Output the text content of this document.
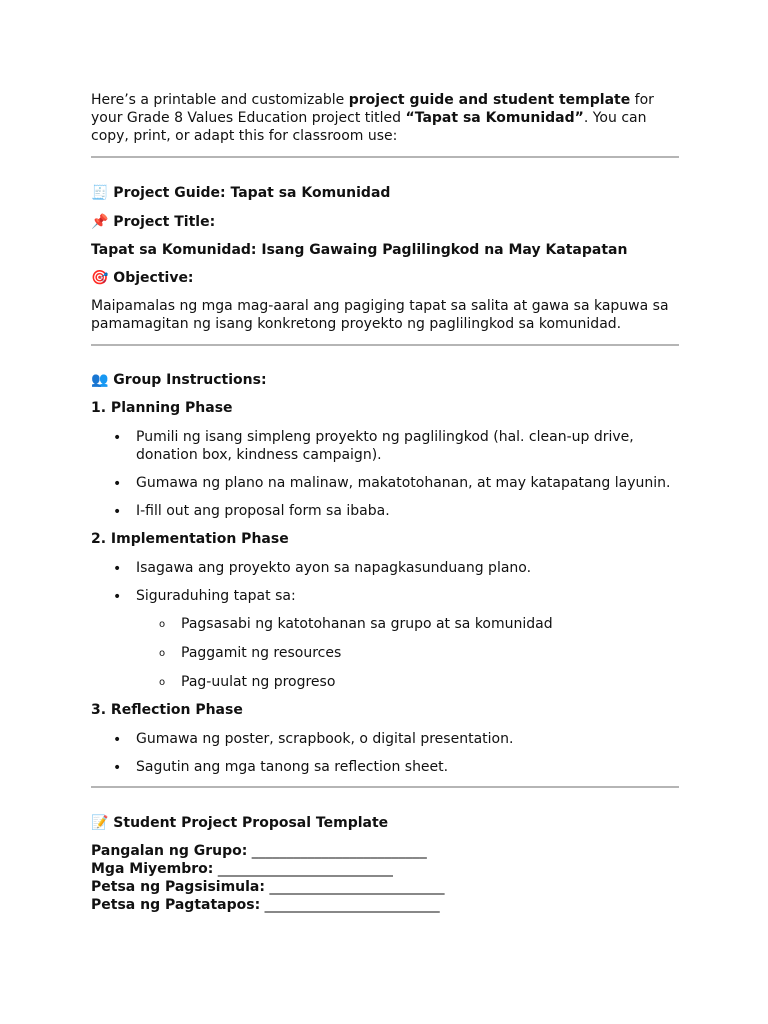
Here’s a printable and customizable project guide and student template for your Grade 8 Values Education project titled “Tapat sa Komunidad”. You can copy, print, or adapt this for classroom use:

🧾 Project Guide: Tapat sa Komunidad

📌 Project Title:

Tapat sa Komunidad: Isang Gawaing Paglilingkod na May Katapatan

🎯 Objective:

Maipamalas ng mga mag-aaral ang pagiging tapat sa salita at gawa sa kapuwa sa pamamagitan ng isang konkretong proyekto ng paglilingkod sa komunidad.

👥 Group Instructions:

1. Planning Phase

•	Pumili ng isang simpleng proyekto ng paglilingkod (hal. clean-up drive, donation box, kindness campaign).
•	Gumawa ng plano na malinaw, makatotohanan, at may katapatang layunin.
•	I-fill out ang proposal form sa ibaba.

2. Implementation Phase

•	Isagawa ang proyekto ayon sa napagkasunduang plano.
•	Siguraduhing tapat sa:
o Pagsasabi ng katotohanan sa grupo at sa komunidad
o Paggamit ng resources
o Pag-uulat ng progreso

3. Reflection Phase

•	Gumawa ng poster, scrapbook, o digital presentation.
•	Sagutin ang mga tanong sa reflection sheet.

📝 Student Project Proposal Template

Pangalan ng Grupo: _________________________

Mga Miyembro: _________________________

Petsa ng Pagsisimula: _________________________

Petsa ng Pagtatapos: _________________________
